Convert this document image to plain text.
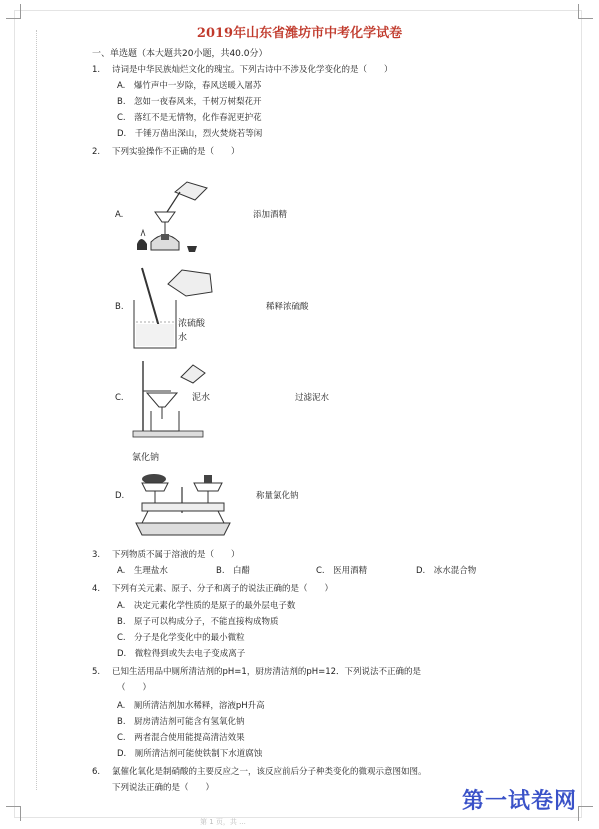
2019年山东省潍坊市中考化学试卷
一、单选题（本大题共20小题，共40.0分）
1. 诗词是中华民族灿烂文化的瑰宝。下列古诗中不涉及化学变化的是（　　）
A.　爆竹声中一岁除，春风送暖入屠苏
B.　忽如一夜春风来，千树万树梨花开
C.　落红不是无情物，化作春泥更护花
D.　千锤万凿出深山，烈火焚烧若等闲
2. 下列实验操作不正确的是（　　）
A.	添加酒精
B.
浓硫酸
水
稀释浓硫酸
C.	泥水	过滤泥水
D.
氯化钠
称量氯化钠
3. 下列物质不属于溶液的是（　　）
A.　生理盐水	B.　白醋	C.　医用酒精	D.　冰水混合物
4. 下列有关元素、原子、分子和离子的说法正确的是（　　）
A.　决定元素化学性质的是原子的最外层电子数
B.　原子可以构成分子，不能直接构成物质
C.　分子是化学变化中的最小微粒
D.　微粒得到或失去电子变成离子
5. 已知生活用品中厕所清洁剂的pH=1，厨房清洁剂的pH=12．下列说法不正确的是
（　　）
A.　厕所清洁剂加水稀释，溶液pH升高
B.　厨房清洁剂可能含有氢氧化钠
C.　两者混合使用能提高清洁效果
D.　厕所清洁剂可能使铁制下水道腐蚀
6. 氯催化氧化是制硝酸的主要反应之一，该反应前后分子种类变化的微观示意图如图。
下列说法正确的是（　　）
第一试卷网
第 1 页，共 ...
